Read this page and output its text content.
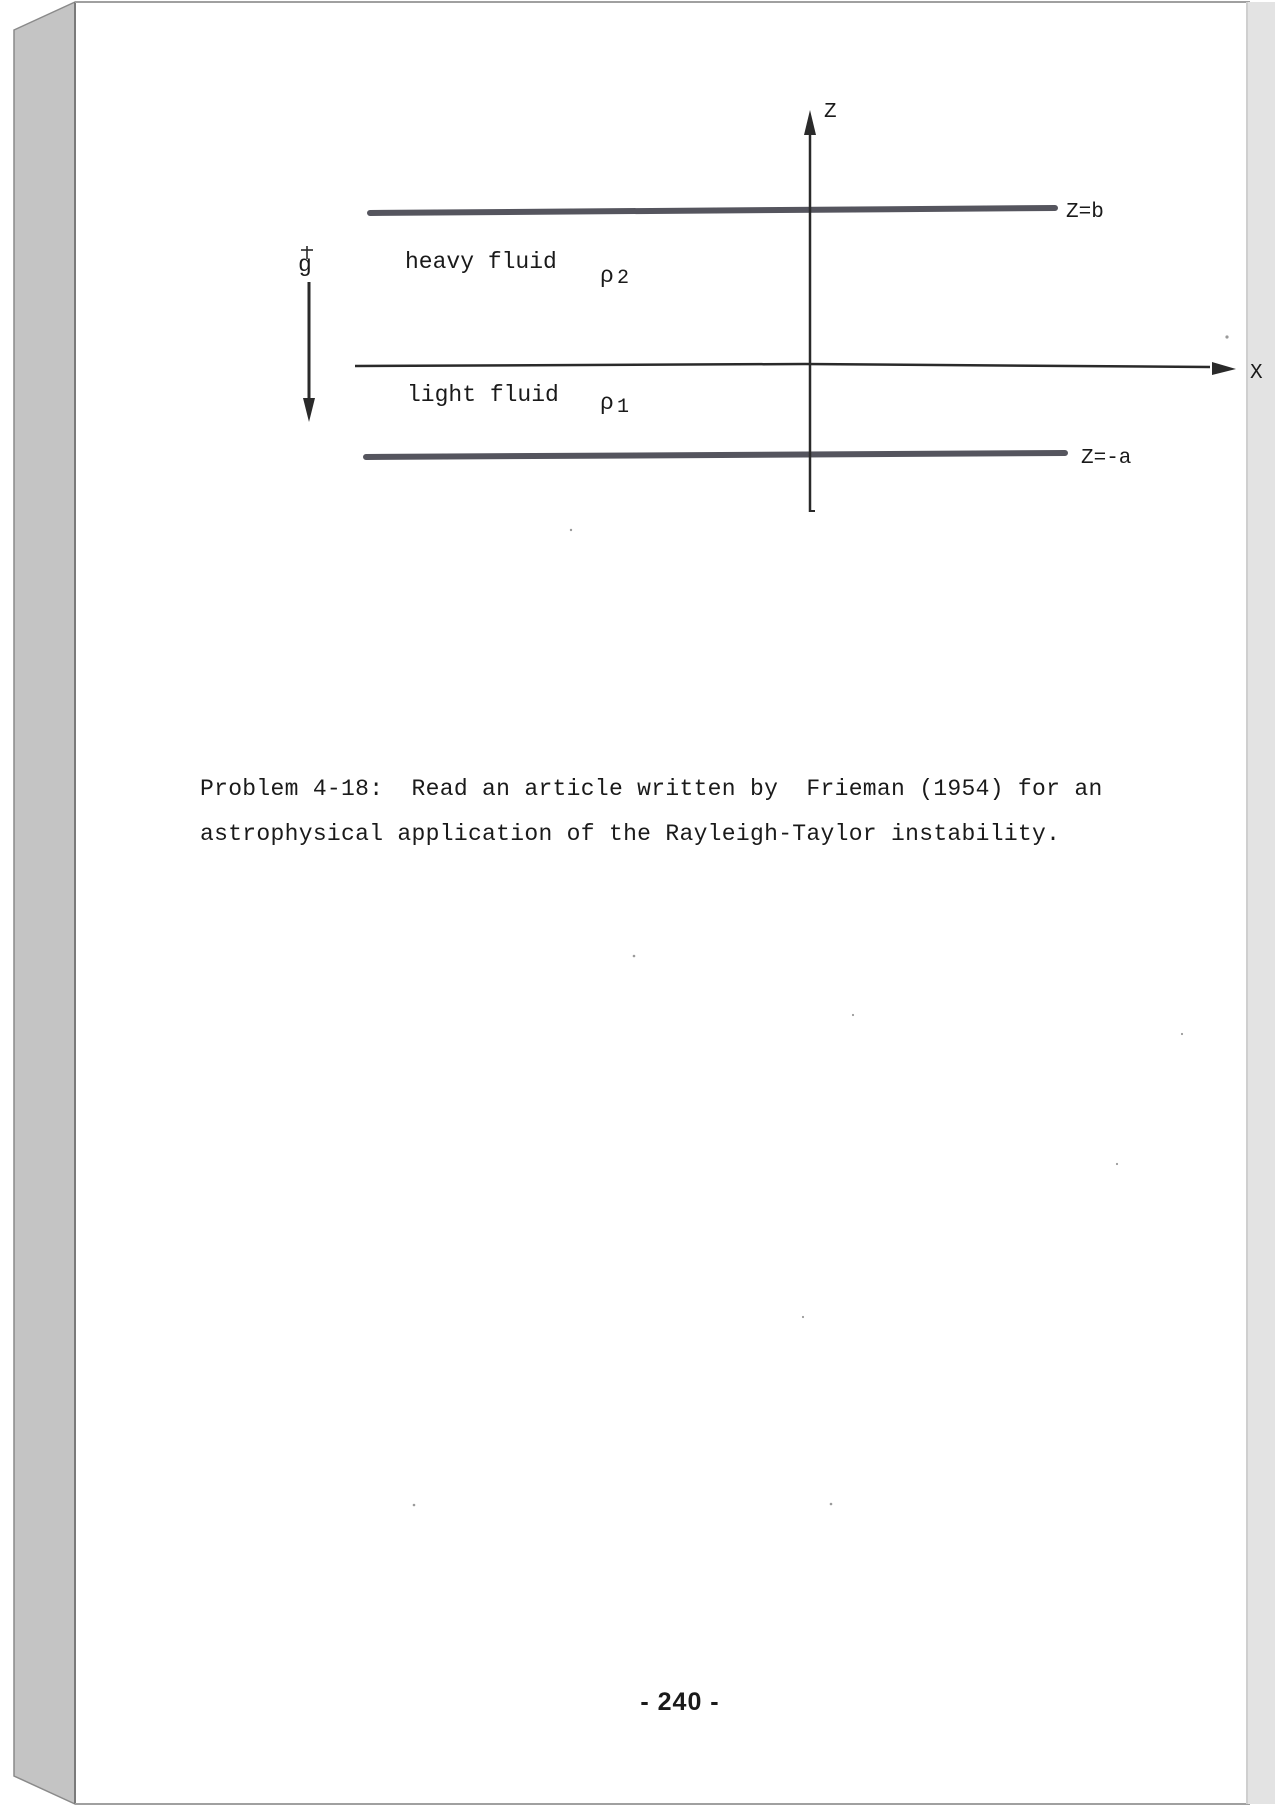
Z
X
Z=b
Z=-a
g	heavy fluid
ρ 2
light fluid ρ 1

Problem 4-18:  Read an article written by  Frieman (1954) for an

astrophysical application of the Rayleigh-Taylor instability.

- 240 -
